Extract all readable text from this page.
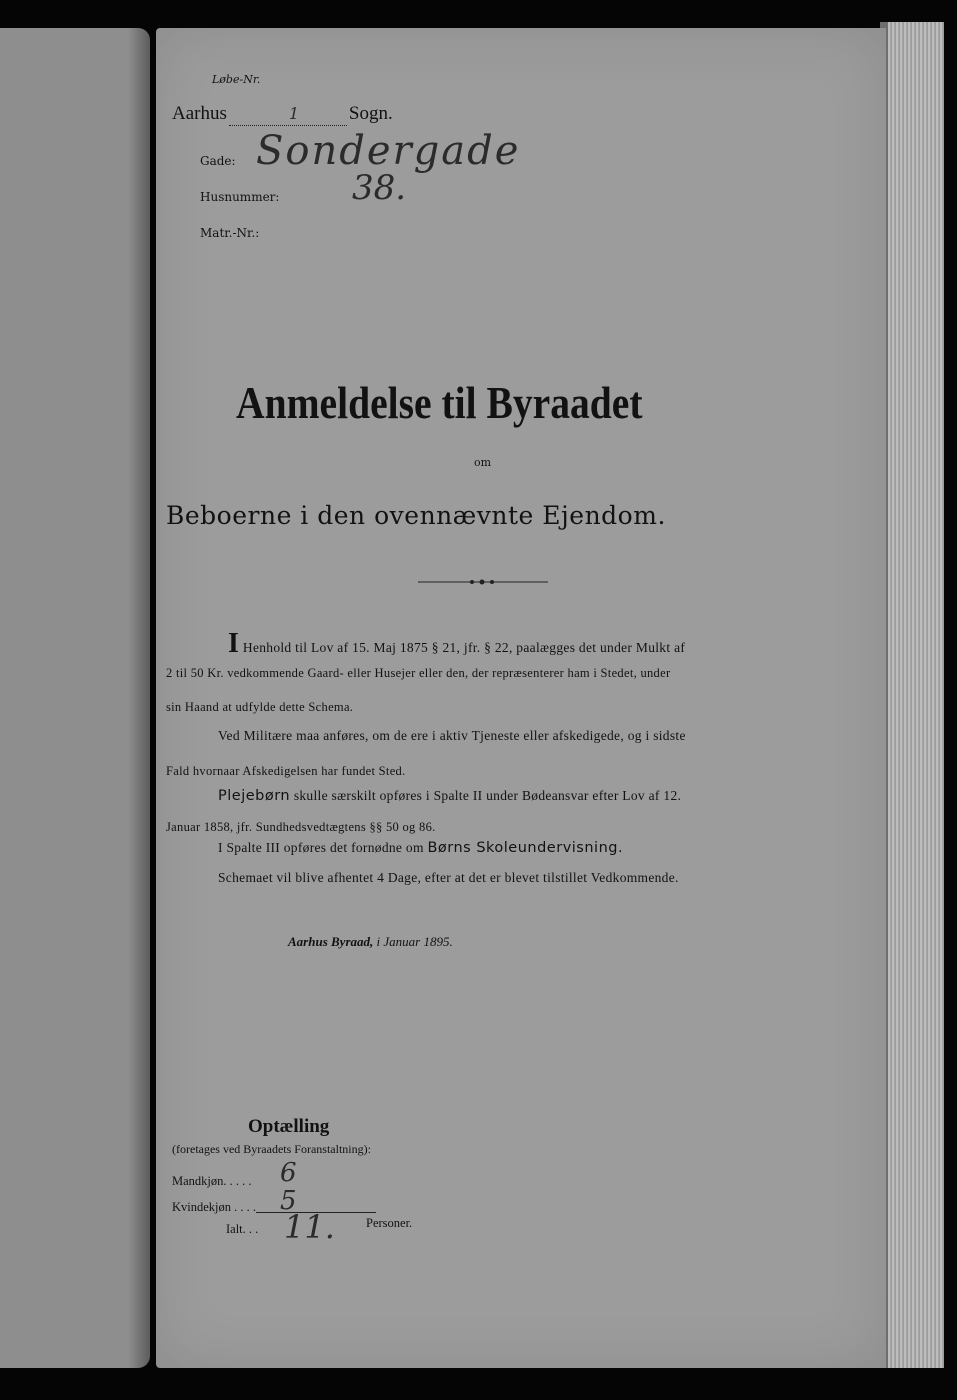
Løbe-Nr.
Aarhus	1	Sogn.
Gade: Sondergade
Husnummer: 38.
Matr.-Nr.:
Anmeldelse til Byraadet
om
Beboerne i den ovennævnte Ejendom.
I Henhold til Lov af 15. Maj 1875 § 21, jfr. § 22, paalægges det under Mulkt af
2 til 50 Kr. vedkommende Gaard- eller Husejer eller den, der repræsenterer ham i Stedet, under
sin Haand at udfylde dette Schema.
Ved Militære maa anføres, om de ere i aktiv Tjeneste eller afskedigede, og i sidste
Fald hvornaar Afskedigelsen har fundet Sted.
Plejebørn skulle særskilt opføres i Spalte II under Bødeansvar efter Lov af 12.
Januar 1858, jfr. Sundhedsvedtægtens §§ 50 og 86.
I Spalte III opføres det fornødne om Børns Skoleundervisning.
Schemaet vil blive afhentet 4 Dage, efter at det er blevet tilstillet Vedkommende.
Aarhus Byraad, i Januar 1895.
Optælling
(foretages ved Byraadets Foranstaltning):
Mandkjøn. . . . . 6
Kvindekjøn . . . . 5
Ialt. . . 11. Personer.
